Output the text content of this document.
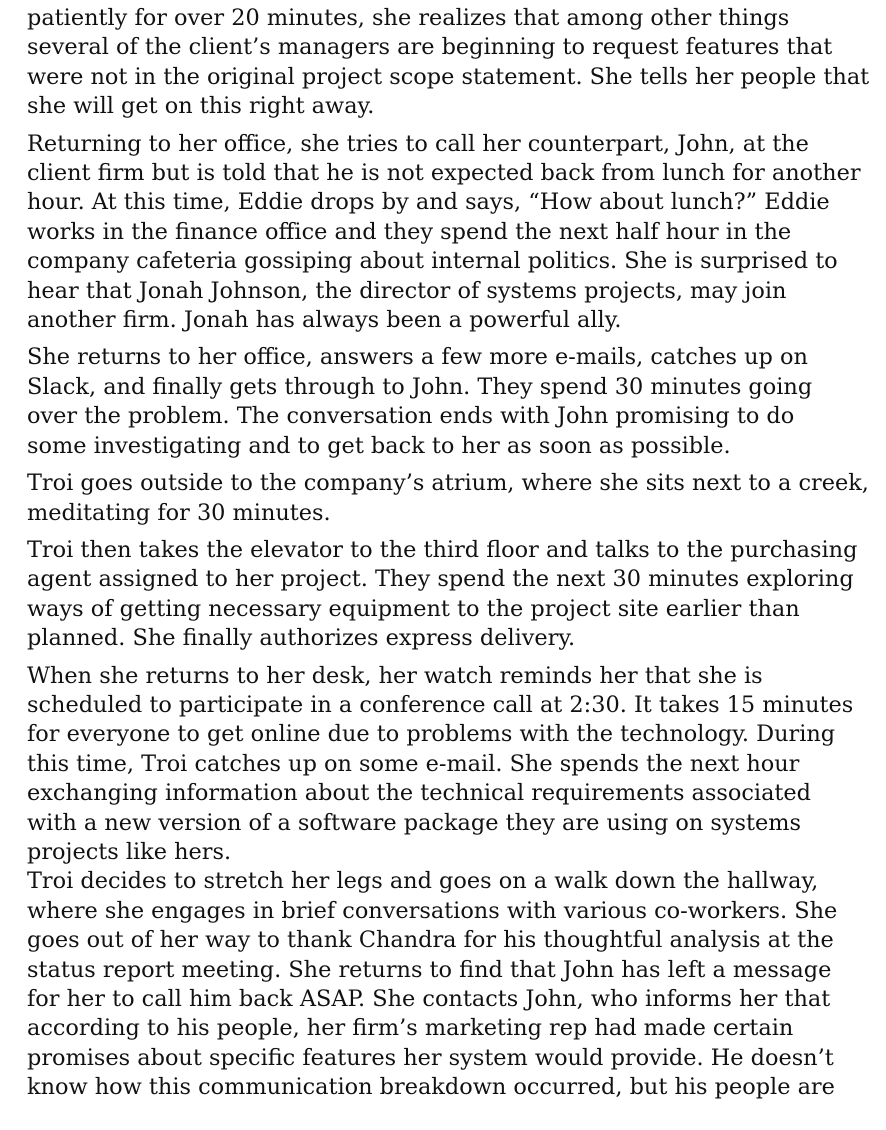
patiently for over 20 minutes, she realizes that among other things
several of the client’s managers are beginning to request features that
were not in the original project scope statement. She tells her people that
she will get on this right away.
Returning to her office, she tries to call her counterpart, John, at the
client firm but is told that he is not expected back from lunch for another
hour. At this time, Eddie drops by and says, “How about lunch?” Eddie
works in the finance office and they spend the next half hour in the
company cafeteria gossiping about internal politics. She is surprised to
hear that Jonah Johnson, the director of systems projects, may join
another firm. Jonah has always been a powerful ally.
She returns to her office, answers a few more e-mails, catches up on
Slack, and finally gets through to John. They spend 30 minutes going
over the problem. The conversation ends with John promising to do
some investigating and to get back to her as soon as possible.
Troi goes outside to the company’s atrium, where she sits next to a creek,
meditating for 30 minutes.
Troi then takes the elevator to the third floor and talks to the purchasing
agent assigned to her project. They spend the next 30 minutes exploring
ways of getting necessary equipment to the project site earlier than
planned. She finally authorizes express delivery.
When she returns to her desk, her watch reminds her that she is
scheduled to participate in a conference call at 2:30. It takes 15 minutes
for everyone to get online due to problems with the technology. During
this time, Troi catches up on some e-mail. She spends the next hour
exchanging information about the technical requirements associated
with a new version of a software package they are using on systems
projects like hers.
Troi decides to stretch her legs and goes on a walk down the hallway,
where she engages in brief conversations with various co-workers. She
goes out of her way to thank Chandra for his thoughtful analysis at the
status report meeting. She returns to find that John has left a message
for her to call him back ASAP. She contacts John, who informs her that
according to his people, her firm’s marketing rep had made certain
promises about specific features her system would provide. He doesn’t
know how this communication breakdown occurred, but his people are
